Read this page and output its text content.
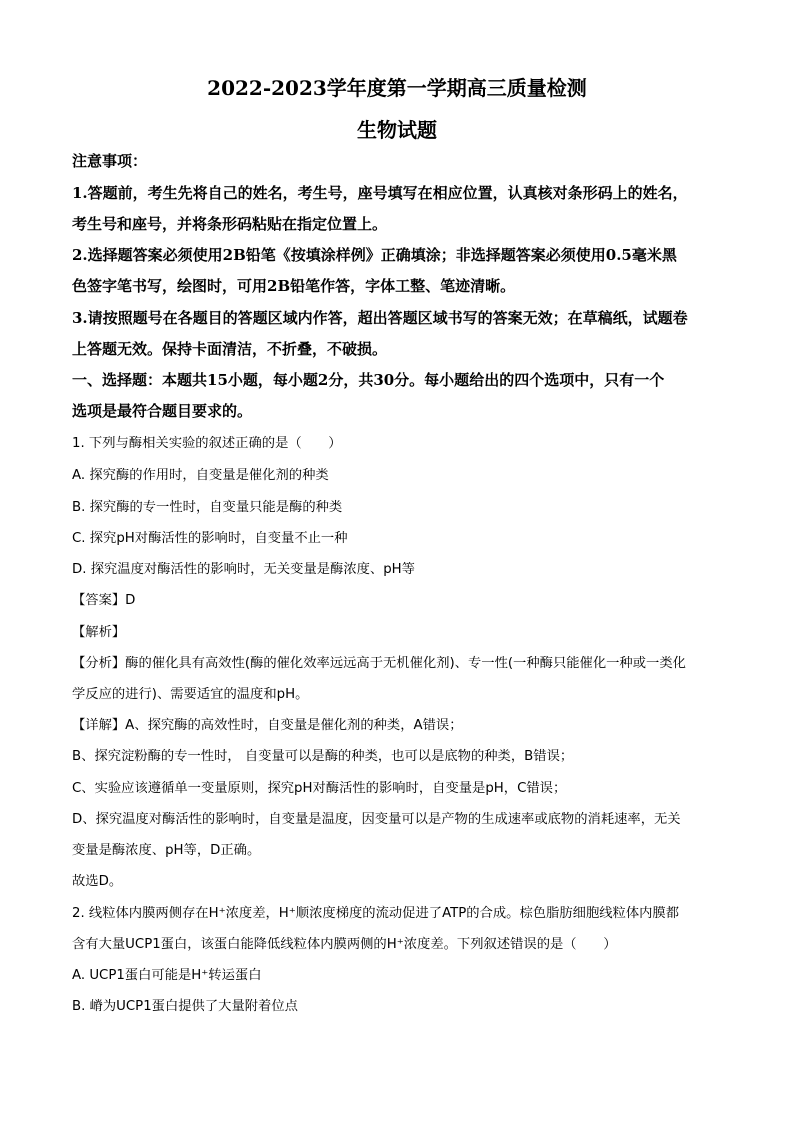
2022-2023学年度第一学期高三质量检测
生物试题
注意事项：
1.答题前，考生先将自己的姓名，考生号，座号填写在相应位置，认真核对条形码上的姓名，
考生号和座号，并将条形码粘贴在指定位置上。
2.选择题答案必须使用2B铅笔《按填涂样例》正确填涂；非选择题答案必须使用0.5毫米黑
色签字笔书写，绘图时，可用2B铅笔作答，字体工整、笔迹清晰。
3.请按照题号在各题目的答题区域内作答，超出答题区域书写的答案无效；在草稿纸，试题卷
上答题无效。保持卡面清洁，不折叠，不破损。
一、选择题：本题共15小题，每小题2分，共30分。每小题给出的四个选项中，只有一个
选项是最符合题目要求的。
1. 下列与酶相关实验的叙述正确的是（　　）
A. 探究酶的作用时，自变量是催化剂的种类
B. 探究酶的专一性时，自变量只能是酶的种类
C. 探究pH对酶活性的影响时，自变量不止一种
D. 探究温度对酶活性的影响时，无关变量是酶浓度、pH等
【答案】D
【解析】
【分析】酶的催化具有高效性(酶的催化效率远远高于无机催化剂)、专一性(一种酶只能催化一种或一类化
学反应的进行)、需要适宜的温度和pH。
【详解】A、探究酶的高效性时，自变量是催化剂的种类，A错误；
B、探究淀粉酶的专一性时， 自变量可以是酶的种类，也可以是底物的种类，B错误；
C、实验应该遵循单一变量原则，探究pH对酶活性的影响时，自变量是pH，C错误；
D、探究温度对酶活性的影响时，自变量是温度，因变量可以是产物的生成速率或底物的消耗速率，无关
变量是酶浓度、pH等，D正确。
故选D。
2. 线粒体内膜两侧存在H⁺浓度差，H⁺顺浓度梯度的流动促进了ATP的合成。棕色脂肪细胞线粒体内膜都
含有大量UCP1蛋白，该蛋白能降低线粒体内膜两侧的H⁺浓度差。下列叙述错误的是（　　）
A. UCP1蛋白可能是H⁺转运蛋白
B. 嵴为UCP1蛋白提供了大量附着位点
